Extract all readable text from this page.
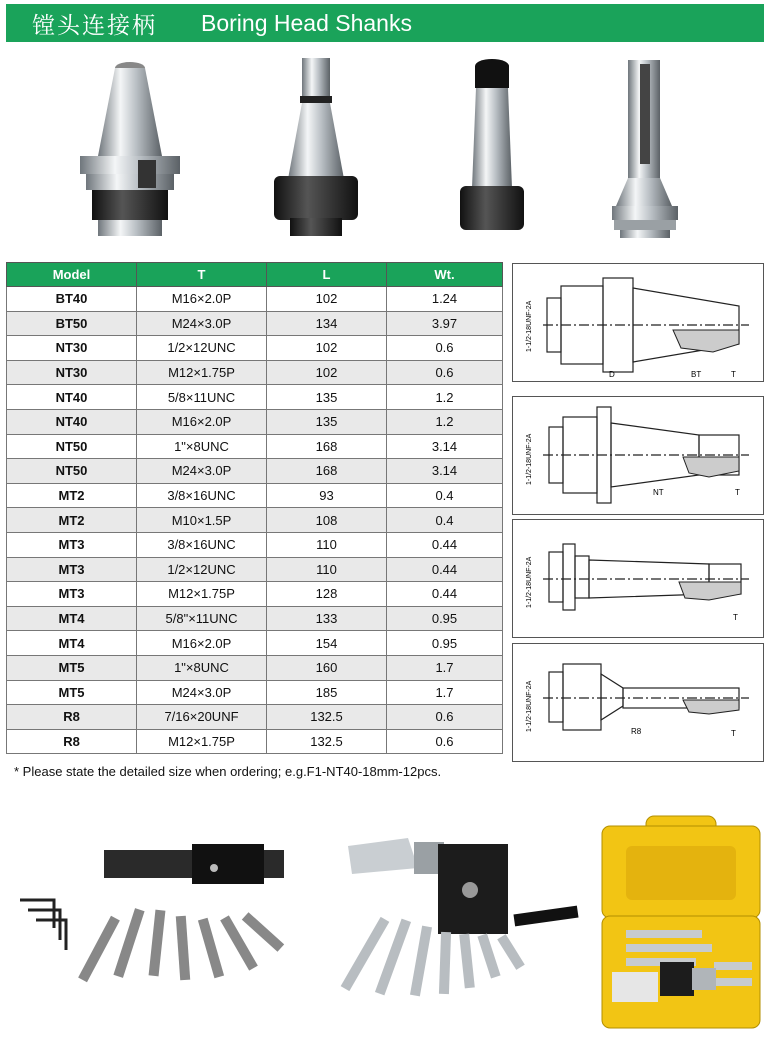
镗头连接柄 Boring Head Shanks
Model	T	L	Wt.
BT40	M16×2.0P	102	1.24
BT50	M24×3.0P	134	3.97
NT30	1/2×12UNC	102	0.6
NT30	M12×1.75P	102	0.6
NT40	5/8×11UNC	135	1.2
NT40	M16×2.0P	135	1.2
NT50	1"×8UNC	168	3.14
NT50	M24×3.0P	168	3.14
MT2	3/8×16UNC	93	0.4
MT2	M10×1.5P	108	0.4
MT3	3/8×16UNC	110	0.44
MT3	1/2×12UNC	110	0.44
MT3	M12×1.75P	128	0.44
MT4	5/8"×11UNC	133	0.95
MT4	M16×2.0P	154	0.95
MT5	1"×8UNC	160	1.7
MT5	M24×3.0P	185	1.7
R8	7/16×20UNF	132.5	0.6
R8	M12×1.75P	132.5	0.6
1-1/2-18UNF-2A
D	BT	T
1-1/2-18UNF-2A
NT	T
1-1/2-18UNF-2A
T
1-1/2-18UNF-2A	R8	T
* Please state the detailed size when ordering; e.g.F1-NT40-18mm-12pcs.
